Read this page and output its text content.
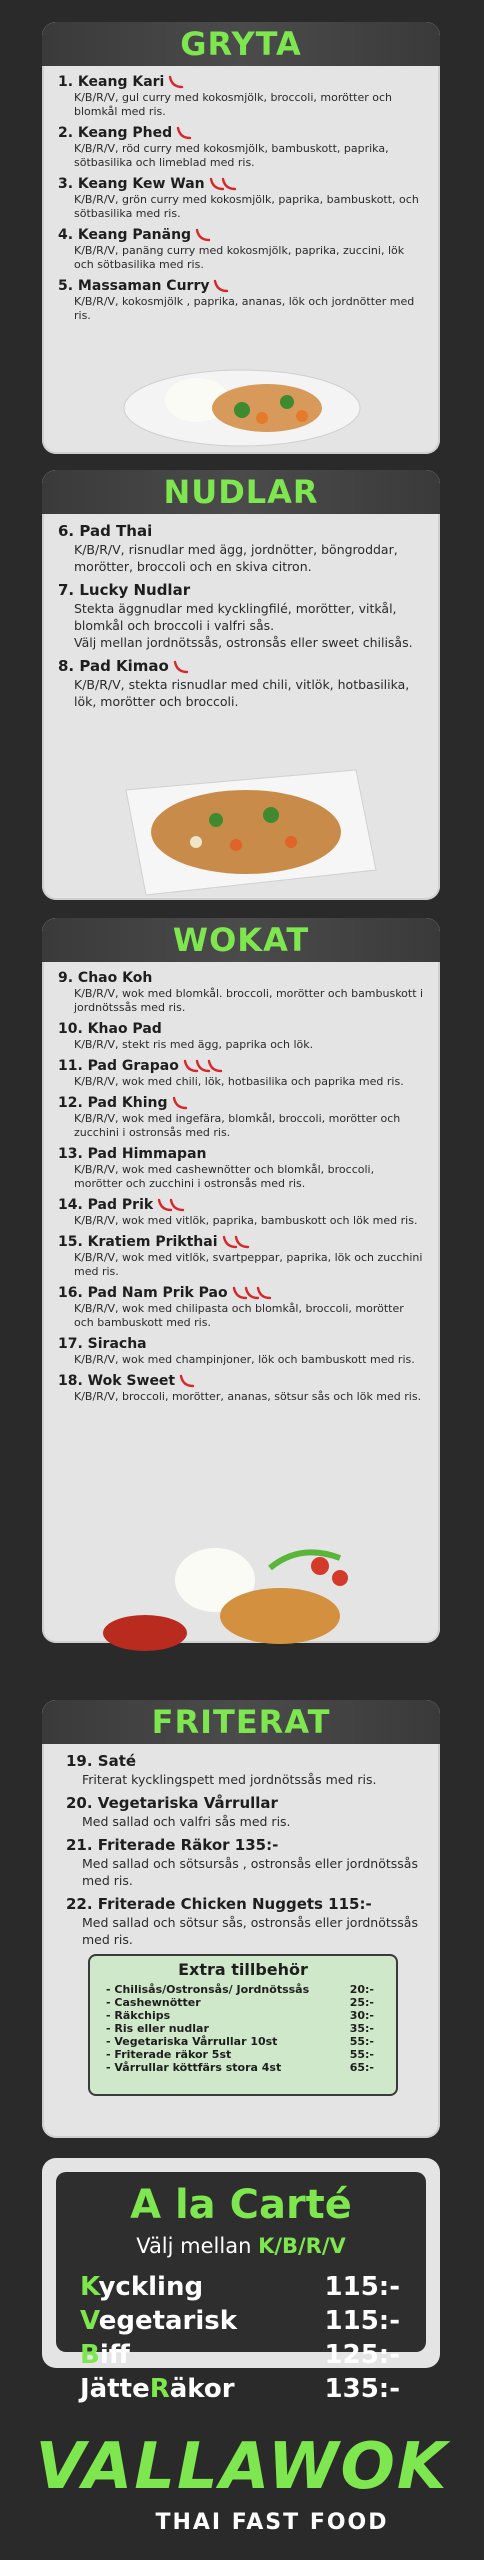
GRYTA
1. Keang Kari
K/B/R/V, gul curry med kokosmjölk, broccoli, morötter och blomkål med ris.
2. Keang Phed
K/B/R/V, röd curry med kokosmjölk, bambuskott, paprika, sötbasilika och limeblad med ris.
3. Keang Kew Wan
K/B/R/V, grön curry med kokosmjölk, paprika, bambuskott, och sötbasilika med ris.
4. Keang Panäng
K/B/R/V, panäng curry med kokosmjölk, paprika, zuccini, lök och sötbasilika med ris.
5. Massaman Curry
K/B/R/V, kokosmjölk , paprika, ananas, lök och jordnötter med ris.
NUDLAR
6. Pad Thai
K/B/R/V, risnudlar med ägg, jordnötter, böngroddar, morötter, broccoli och en skiva citron.
7. Lucky Nudlar
Stekta äggnudlar med kycklingfilé, morötter, vitkål, blomkål och broccoli i valfri sås.
Välj mellan jordnötssås, ostronsås eller sweet chilisås.
8. Pad Kimao
K/B/R/V, stekta risnudlar med chili, vitlök, hotbasilika, lök, morötter och broccoli.
WOKAT
9. Chao Koh
K/B/R/V, wok med blomkål. broccoli, morötter och bambuskott i jordnötssås med ris.
10. Khao Pad
K/B/R/V, stekt ris med ägg, paprika och lök.
11. Pad Grapao
K/B/R/V, wok med chili, lök, hotbasilika och paprika med ris.
12. Pad Khing
K/B/R/V, wok med ingefära, blomkål, broccoli, morötter och zucchini i ostronsås med ris.
13. Pad Himmapan
K/B/R/V, wok med cashewnötter och blomkål, broccoli, morötter och zucchini i ostronsås med ris.
14. Pad Prik
K/B/R/V, wok med vitlök, paprika, bambuskott och lök med ris.
15. Kratiem Prikthai
K/B/R/V, wok med vitlök, svartpeppar, paprika, lök och zucchini med ris.
16. Pad Nam Prik Pao
K/B/R/V, wok med chilipasta och blomkål, broccoli, morötter och bambuskott med ris.
17. Siracha
K/B/R/V, wok med champinjoner, lök och bambuskott med ris.
18. Wok Sweet
K/B/R/V, broccoli, morötter, ananas, sötsur sås och lök med ris.
FRITERAT
19. Saté
Friterat kycklingspett med jordnötssås med ris.
20. Vegetariska Vårrullar
Med sallad och valfri sås med ris.
21. Friterade Räkor 135:-
Med sallad och sötsursås , ostronsås eller jordnötssås med ris.
22. Friterade Chicken Nuggets 115:-
Med sallad och sötsur sås, ostronsås eller jordnötssås med ris.
Extra tillbehör
- Chilisås/Ostronsås/ Jordnötssås	20:-
- Cashewnötter	25:-
- Räkchips	30:-
- Ris eller nudlar	35:-
- Vegetariska Vårrullar 10st	55:-
- Friterade räkor 5st	55:-
- Vårrullar köttfärs stora 4st	65:-
A la Carté
Välj mellan K/B/R/V
Kyckling	115:-
Vegetarisk	115:-
Biff	125:-
JätteRäkor	135:-
VALLAWOK
THAI FAST FOOD
